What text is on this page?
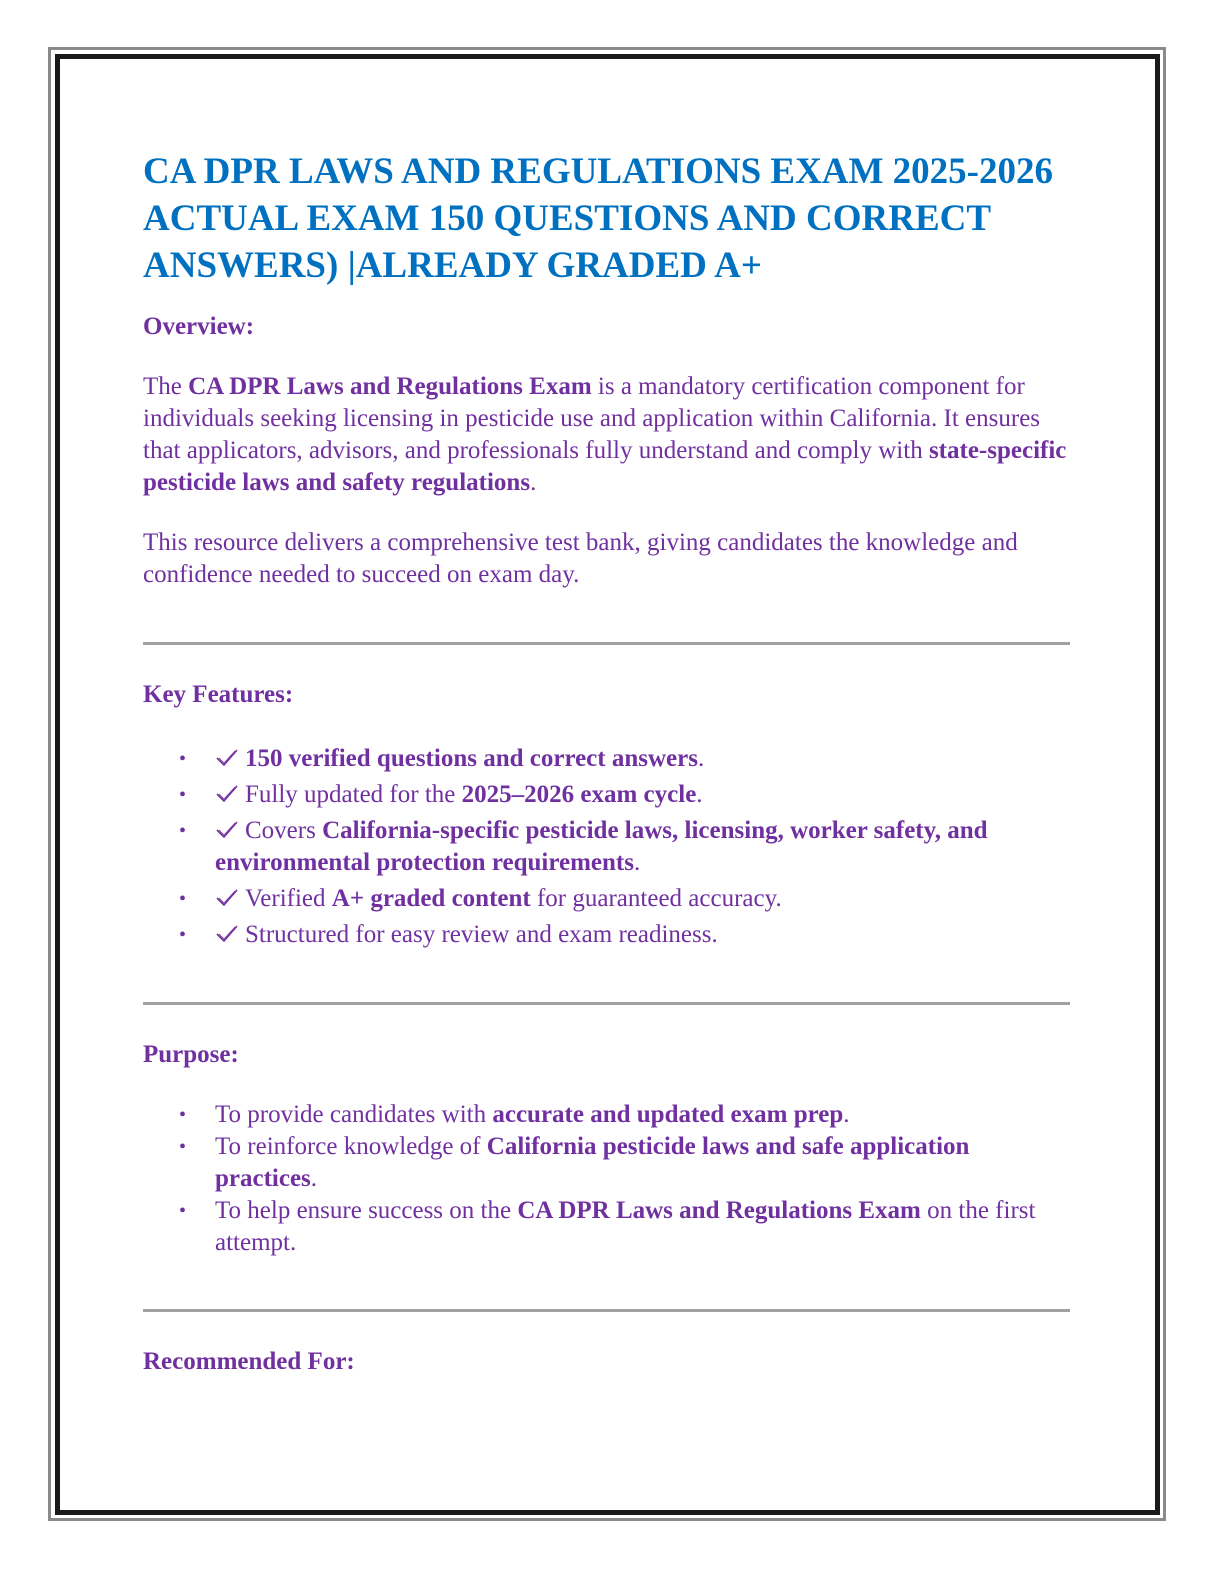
CA DPR LAWS AND REGULATIONS EXAM 2025-2026 ACTUAL EXAM 150 QUESTIONS AND CORRECT ANSWERS) |ALREADY GRADED A+
Overview:

The CA DPR Laws and Regulations Exam is a mandatory certification component for individuals seeking licensing in pesticide use and application within California. It ensures that applicators, advisors, and professionals fully understand and comply with state-specific pesticide laws and safety regulations.

This resource delivers a comprehensive test bank, giving candidates the knowledge and confidence needed to succeed on exam day.

Key Features:
• 150 verified questions and correct answers.
• Fully updated for the 2025–2026 exam cycle.
• Covers California-specific pesticide laws, licensing, worker safety, and environmental protection requirements.
• Verified A+ graded content for guaranteed accuracy.
• Structured for easy review and exam readiness.
Purpose:
• To provide candidates with accurate and updated exam prep.
• To reinforce knowledge of California pesticide laws and safe application practices.
• To help ensure success on the CA DPR Laws and Regulations Exam on the first attempt.
Recommended For:
